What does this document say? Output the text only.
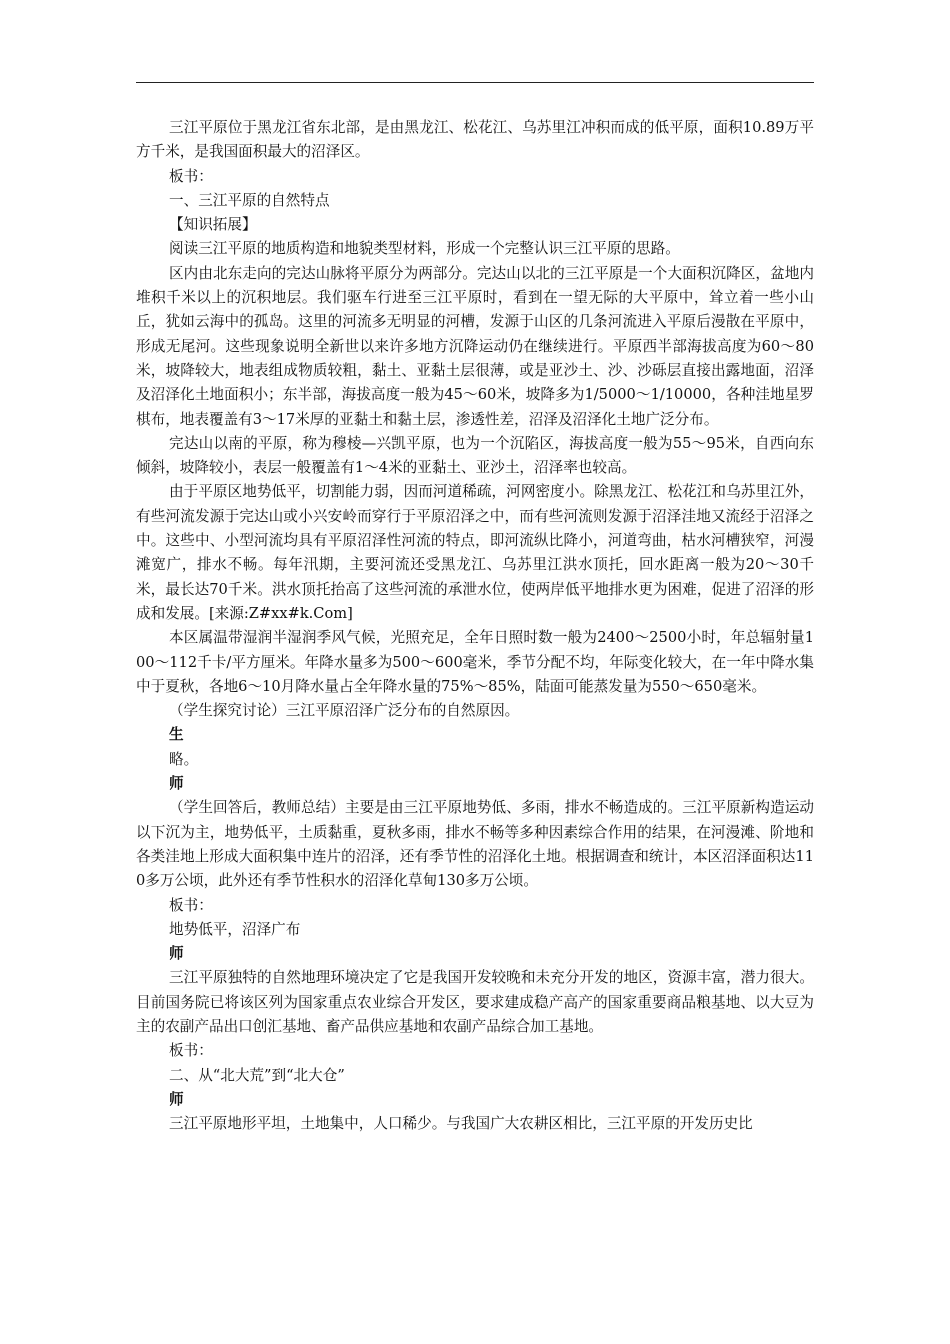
三江平原位于黑龙江省东北部，是由黑龙江、松花江、乌苏里江冲积而成的低平原，面积10.89万平方千米，是我国面积最大的沼泽区。

板书：

一、三江平原的自然特点

【知识拓展】

阅读三江平原的地质构造和地貌类型材料，形成一个完整认识三江平原的思路。

区内由北东走向的完达山脉将平原分为两部分。完达山以北的三江平原是一个大面积沉降区，盆地内堆积千米以上的沉积地层。我们驱车行进至三江平原时，看到在一望无际的大平原中，耸立着一些小山丘，犹如云海中的孤岛。这里的河流多无明显的河槽，发源于山区的几条河流进入平原后漫散在平原中，形成无尾河。这些现象说明全新世以来许多地方沉降运动仍在继续进行。平原西半部海拔高度为60～80米，坡降较大，地表组成物质较粗，黏土、亚黏土层很薄，或是亚沙土、沙、沙砾层直接出露地面，沼泽及沼泽化土地面积小；东半部，海拔高度一般为45～60米，坡降多为1/5000～1/10000，各种洼地星罗棋布，地表覆盖有3～17米厚的亚黏土和黏土层，渗透性差，沼泽及沼泽化土地广泛分布。

完达山以南的平原，称为穆棱—兴凯平原，也为一个沉陷区，海拔高度一般为55～95米，自西向东倾斜，坡降较小，表层一般覆盖有1～4米的亚黏土、亚沙土，沼泽率也较高。

由于平原区地势低平，切割能力弱，因而河道稀疏，河网密度小。除黑龙江、松花江和乌苏里江外，有些河流发源于完达山或小兴安岭而穿行于平原沼泽之中，而有些河流则发源于沼泽洼地又流经于沼泽之中。这些中、小型河流均具有平原沼泽性河流的特点，即河流纵比降小，河道弯曲，枯水河槽狭窄，河漫滩宽广，排水不畅。每年汛期，主要河流还受黑龙江、乌苏里江洪水顶托，回水距离一般为20～30千米，最长达70千米。洪水顶托抬高了这些河流的承泄水位，使两岸低平地排水更为困难，促进了沼泽的形成和发展。[来源:Z#xx#k.Com]

本区属温带湿润半湿润季风气候，光照充足，全年日照时数一般为2400～2500小时，年总辐射量100～112千卡/平方厘米。年降水量多为500～600毫米，季节分配不均，年际变化较大，在一年中降水集中于夏秋，各地6～10月降水量占全年降水量的75%～85%，陆面可能蒸发量为550～650毫米。

（学生探究讨论）三江平原沼泽广泛分布的自然原因。

生

略。

师

（学生回答后，教师总结）主要是由三江平原地势低、多雨，排水不畅造成的。三江平原新构造运动以下沉为主，地势低平，土质黏重，夏秋多雨，排水不畅等多种因素综合作用的结果，在河漫滩、阶地和各类洼地上形成大面积集中连片的沼泽，还有季节性的沼泽化土地。根据调查和统计，本区沼泽面积达110多万公顷，此外还有季节性积水的沼泽化草甸130多万公顷。

板书：

地势低平，沼泽广布

师

三江平原独特的自然地理环境决定了它是我国开发较晚和未充分开发的地区，资源丰富，潜力很大。目前国务院已将该区列为国家重点农业综合开发区，要求建成稳产高产的国家重要商品粮基地、以大豆为主的农副产品出口创汇基地、畜产品供应基地和农副产品综合加工基地。

板书：

二、从“北大荒”到“北大仓”

师

三江平原地形平坦，土地集中，人口稀少。与我国广大农耕区相比，三江平原的开发历史比
